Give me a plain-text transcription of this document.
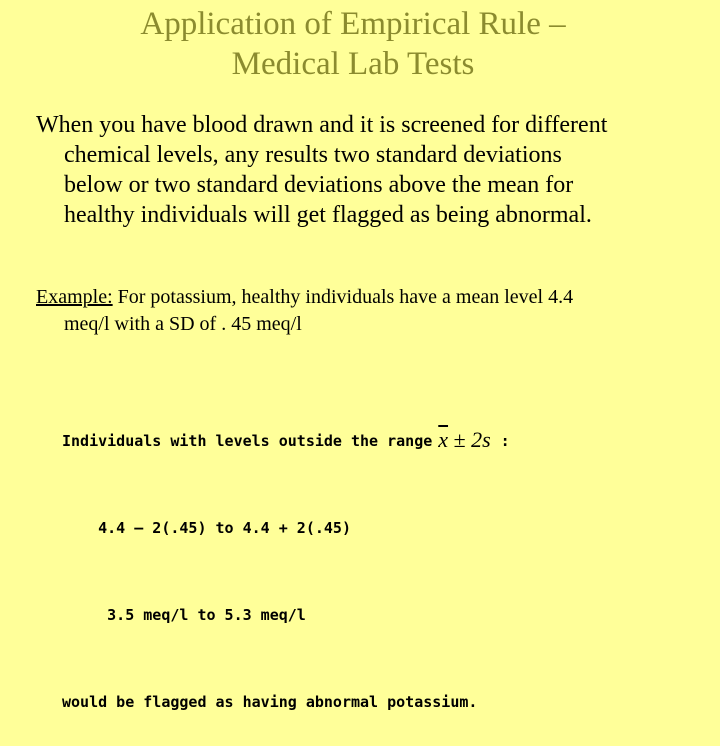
Application of Empirical Rule –
Medical Lab Tests
When you have blood drawn and it is screened for different
chemical levels, any results two standard deviations
below or two standard deviations above the mean for
healthy individuals will get flagged as being abnormal.
Example: For potassium, healthy individuals have a mean level 4.4
meq/l with a SD of . 45 meq/l

Individuals with levels outside the range $\overline{x} \pm 2s$ :

4.4 – 2(.45) to 4.4 + 2(.45)

3.5 meq/l to 5.3 meq/l

would be flagged as having abnormal potassium.
